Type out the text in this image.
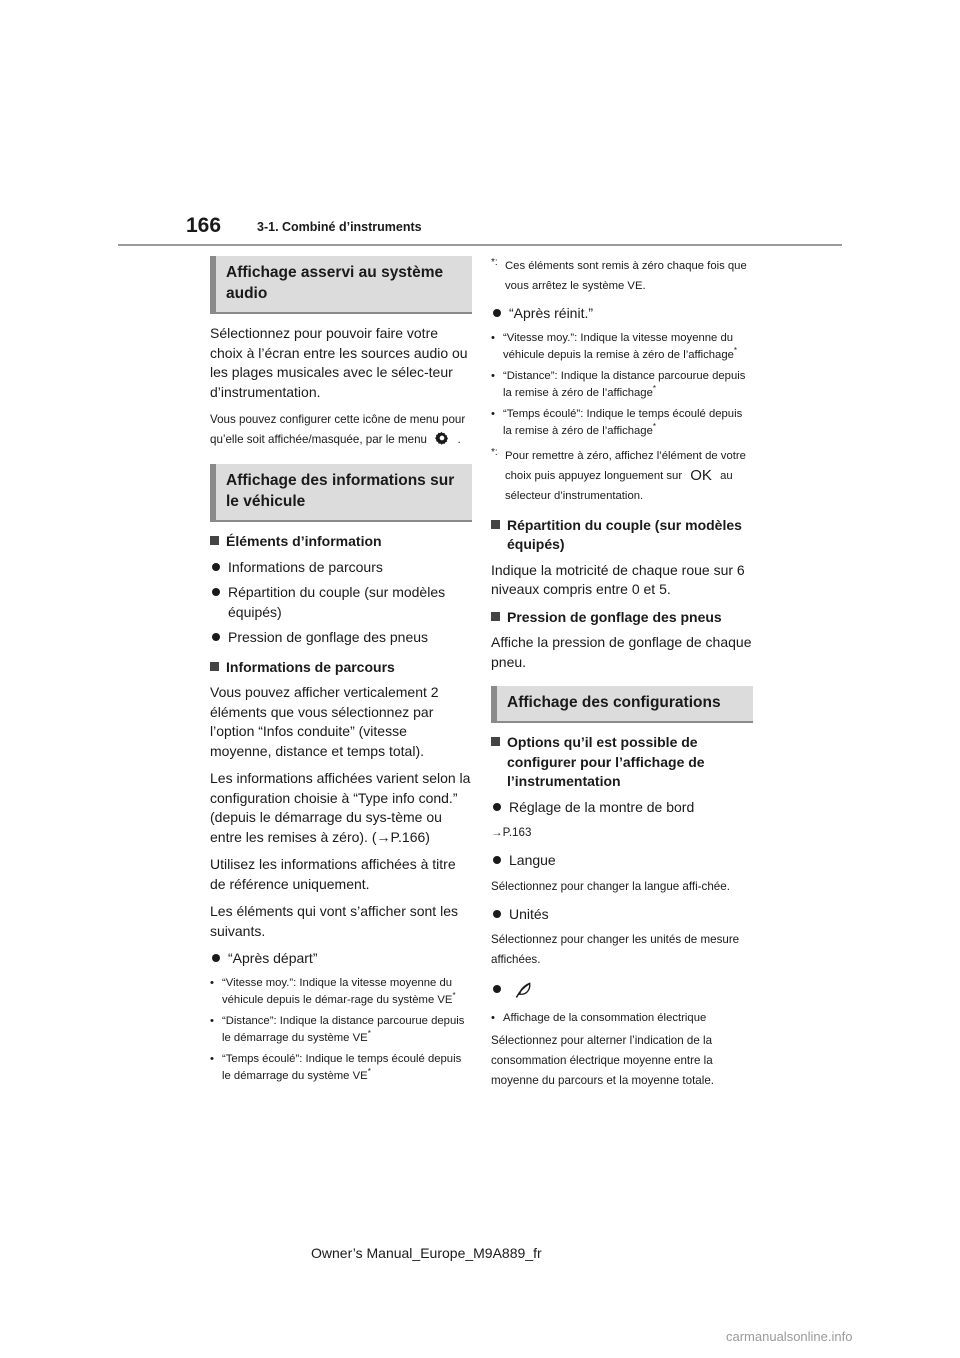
166	3-1. Combiné d’instruments
Affichage asservi au système audio

Sélectionnez pour pouvoir faire votre choix à l’écran entre les sources audio ou les plages musicales avec le sélec-teur d’instrumentation.

Vous pouvez configurer cette icône de menu pour qu’elle soit affichée/masquée, par le menu	.

Affichage des informations sur le véhicule
Éléments d’information
Informations de parcours
Répartition du couple (sur modèles équipés)
Pression de gonflage des pneus
Informations de parcours

Vous pouvez afficher verticalement 2 éléments que vous sélectionnez par l’option “Infos conduite” (vitesse moyenne, distance et temps total).

Les informations affichées varient selon la configuration choisie à “Type info cond.” (depuis le démarrage du sys-tème ou entre les remises à zéro). (→P.166)

Utilisez les informations affichées à titre de référence uniquement.

Les éléments qui vont s’afficher sont les suivants.

“Après départ”
• “Vitesse moy.”: Indique la vitesse moyenne du véhicule depuis le démar-rage du système VE*
• “Distance”: Indique la distance parcourue depuis le démarrage du système VE*
• “Temps écoulé”: Indique le temps écoulé depuis le démarrage du système VE*
*: Ces éléments sont remis à zéro chaque fois que vous arrêtez le système VE.
“Après réinit.”
• “Vitesse moy.”: Indique la vitesse moyenne du véhicule depuis la remise à zéro de l’affichage*
• “Distance”: Indique la distance parcourue depuis la remise à zéro de l’affichage*
• “Temps écoulé”: Indique le temps écoulé depuis la remise à zéro de l’affichage*
*: Pour remettre à zéro, affichez l’élément de votre choix puis appuyez longuement sur OK au sélecteur d’instrumentation.
Répartition du couple (sur modèles équipés)

Indique la motricité de chaque roue sur 6 niveaux compris entre 0 et 5.

Pression de gonflage des pneus

Affiche la pression de gonflage de chaque pneu.

Affichage des configurations
Options qu’il est possible de configurer pour l’affichage de l’instrumentation
Réglage de la montre de bord

→P.163

Langue

Sélectionnez pour changer la langue affi-chée.

Unités

Sélectionnez pour changer les unités de mesure affichées.

• Affichage de la consommation électrique

Sélectionnez pour alterner l’indication de la consommation électrique moyenne entre la moyenne du parcours et la moyenne totale.

Owner’s Manual_Europe_M9A889_fr
carmanualsonline.info
